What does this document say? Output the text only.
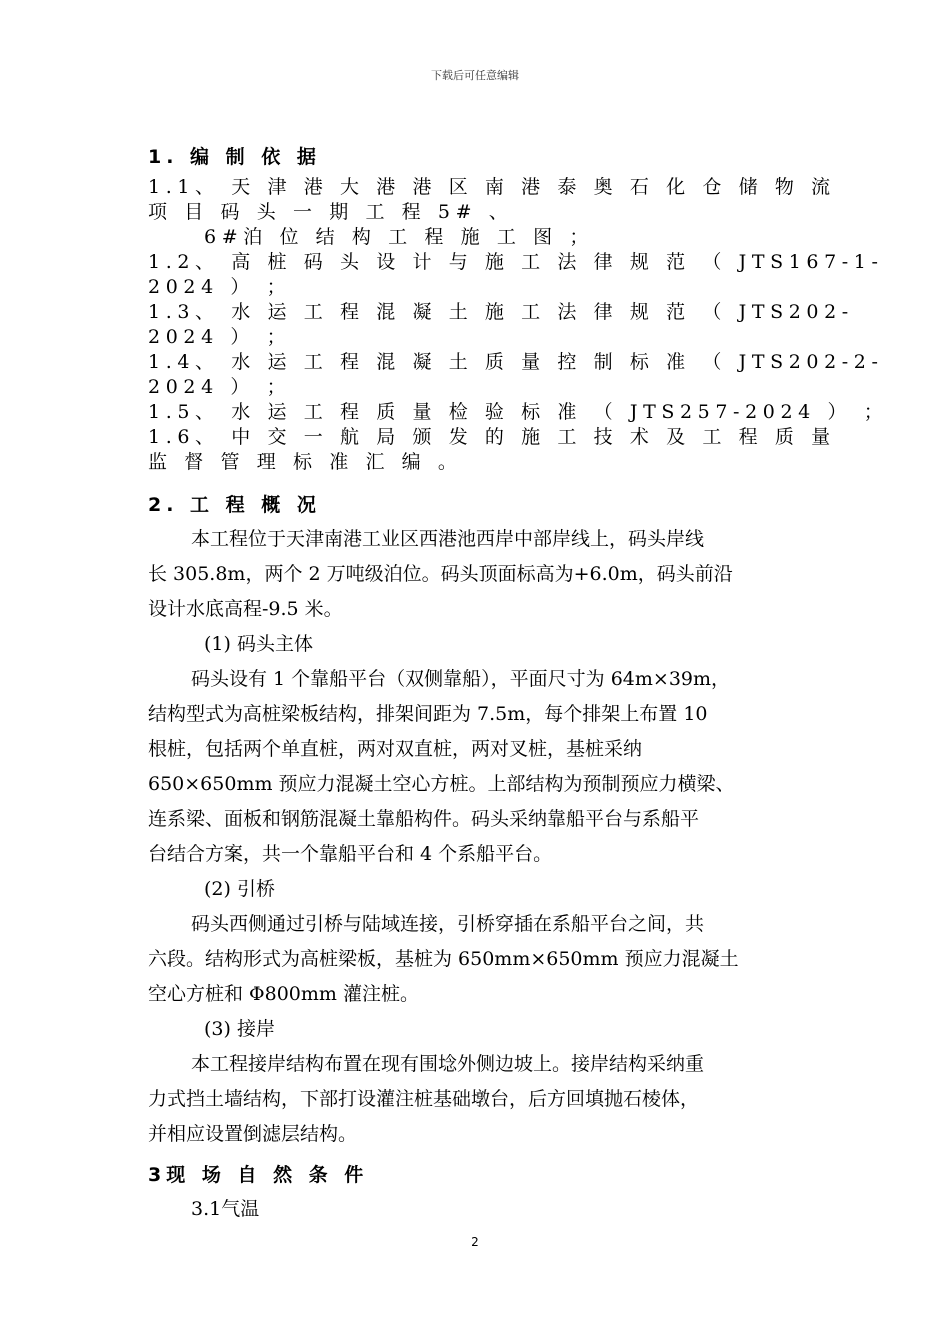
下载后可任意编辑
1. 编 制 依 据
1.1、 天 津 港 大 港 港 区 南 港 泰 奥 石 化 仓 储 物 流
项 目 码 头 一 期 工 程 5# 、
6#泊 位 结 构 工 程 施 工 图 ；
1.2、 高 桩 码 头 设 计 与 施 工 法 律 规 范 （ JTS167-1-
2024 ） ；
1.3、 水 运 工 程 混 凝 土 施 工 法 律 规 范 （ JTS202-
2024 ） ；
1.4、 水 运 工 程 混 凝 土 质 量 控 制 标 准 （ JTS202-2-
2024 ） ；
1.5、 水 运 工 程 质 量 检 验 标 准 （ JTS257-2024 ） ；
1.6、 中 交 一 航 局 颁 发 的 施 工 技 术 及 工 程 质 量
监 督 管 理 标 准 汇 编 。
2. 工 程 概 况
本工程位于天津南港工业区西港池西岸中部岸线上，码头岸线
长 305.8m，两个 2 万吨级泊位。码头顶面标高为+6.0m，码头前沿
设计水底高程-9.5 米。
(1) 码头主体
码头设有 1 个靠船平台（双侧靠船），平面尺寸为 64m×39m，
结构型式为高桩梁板结构，排架间距为 7.5m，每个排架上布置 10
根桩，包括两个单直桩，两对双直桩，两对叉桩，基桩采纳
650×650mm 预应力混凝土空心方桩。上部结构为预制预应力横梁、
连系梁、面板和钢筋混凝土靠船构件。码头采纳靠船平台与系船平
台结合方案，共一个靠船平台和 4 个系船平台。
(2) 引桥
码头西侧通过引桥与陆域连接，引桥穿插在系船平台之间，共
六段。结构形式为高桩梁板，基桩为 650mm×650mm 预应力混凝土
空心方桩和 Φ800mm 灌注桩。
(3) 接岸
本工程接岸结构布置在现有围埝外侧边坡上。接岸结构采纳重
力式挡土墙结构，下部打设灌注桩基础墩台，后方回填抛石棱体，
并相应设置倒滤层结构。
3现 场 自 然 条 件
3.1气温
2
